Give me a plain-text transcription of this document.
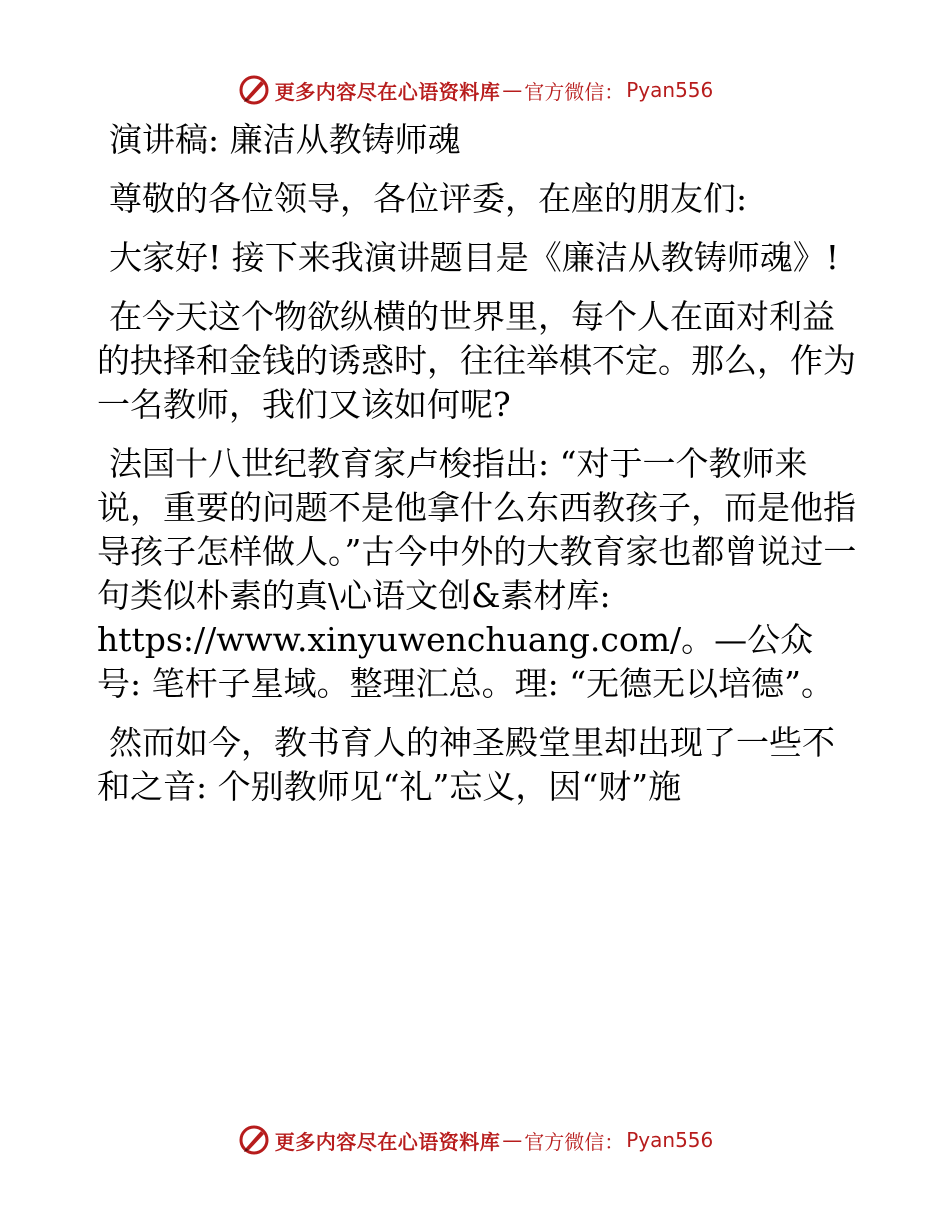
更多内容尽在心语资料库 — 官方微信： Pyan556

演讲稿: 廉洁从教铸师魂

尊敬的各位领导，各位评委，在座的朋友们:

大家好! 接下来我演讲题目是《廉洁从教铸师魂》!

在今天这个物欲纵横的世界里，每个人在面对利益的抉择和金钱的诱惑时，往往举棋不定。那么，作为一名教师，我们又该如何呢?

法国十八世纪教育家卢梭指出: “对于一个教师来说，重要的问题不是他拿什么东西教孩子，而是他指导孩子怎样做人。”古今中外的大教育家也都曾说过一句类似朴素的真\心语文创&素材库:

https://www.xinyuwenchuang.com/。—公众号: 笔杆子星域。整理汇总。理: “无德无以培德”。

然而如今，教书育人的神圣殿堂里却出现了一些不和之音: 个别教师见“礼”忘义，因“财”施

更多内容尽在心语资料库 — 官方微信： Pyan556
